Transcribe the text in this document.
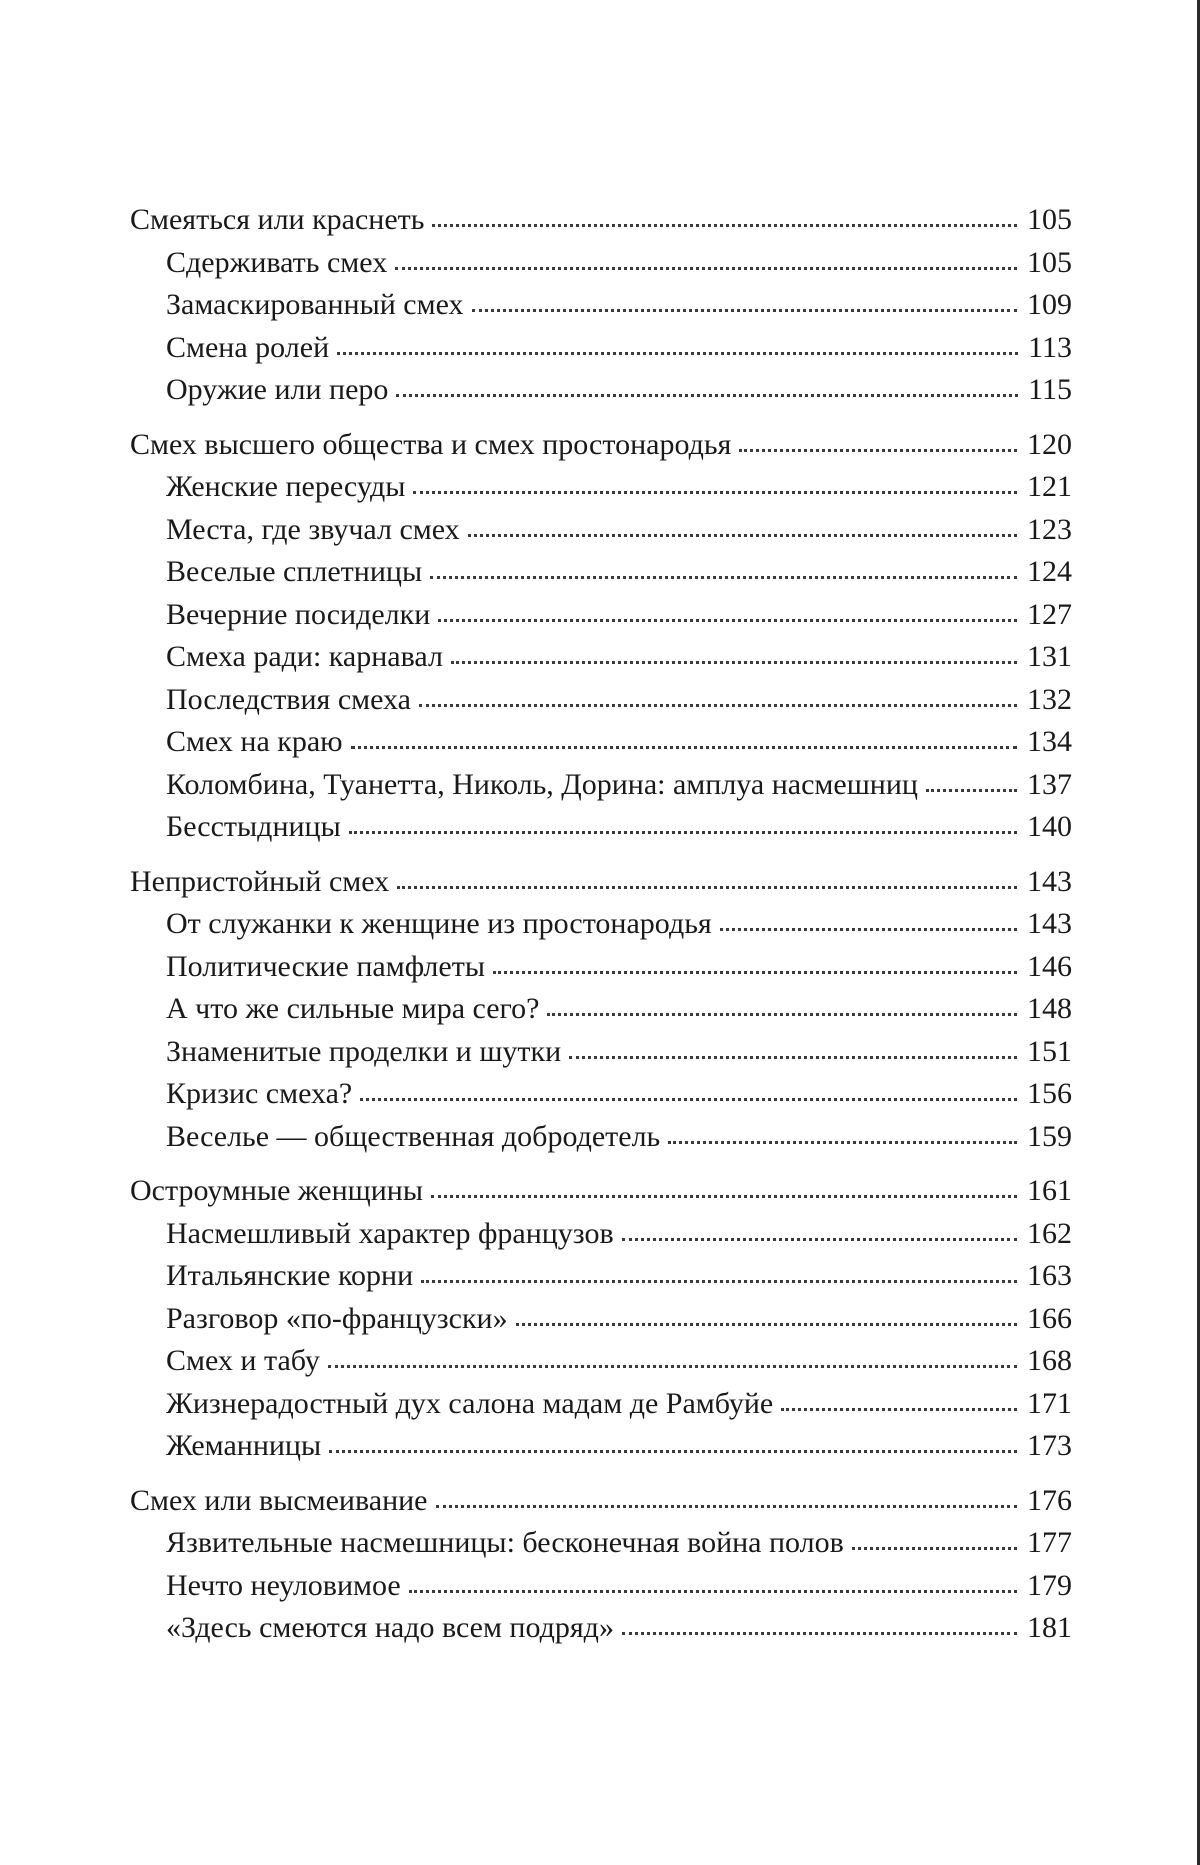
Смеяться или краснеть	105
Сдерживать смех	105
Замаскированный смех	109
Смена ролей	113
Оружие или перо	115
Смех высшего общества и смех простонародья	120
Женские пересуды	121
Места, где звучал смех	123
Веселые сплетницы	124
Вечерние посиделки	127
Смеха ради: карнавал	131
Последствия смеха	132
Смех на краю	134
Коломбина, Туанетта, Николь, Дорина: амплуа насмешниц	137
Бесстыдницы	140
Непристойный смех	143
От служанки к женщине из простонародья	143
Политические памфлеты	146
А что же сильные мира сего?	148
Знаменитые проделки и шутки	151
Кризис смеха?	156
Веселье — общественная добродетель	159
Остроумные женщины	161
Насмешливый характер французов	162
Итальянские корни	163
Разговор «по-французски»	166
Смех и табу	168
Жизнерадостный дух салона мадам де Рамбуйе	171
Жеманницы	173
Смех или высмеивание	176
Язвительные насмешницы: бесконечная война полов	177
Нечто неуловимое	179
«Здесь смеются надо всем подряд»	181
